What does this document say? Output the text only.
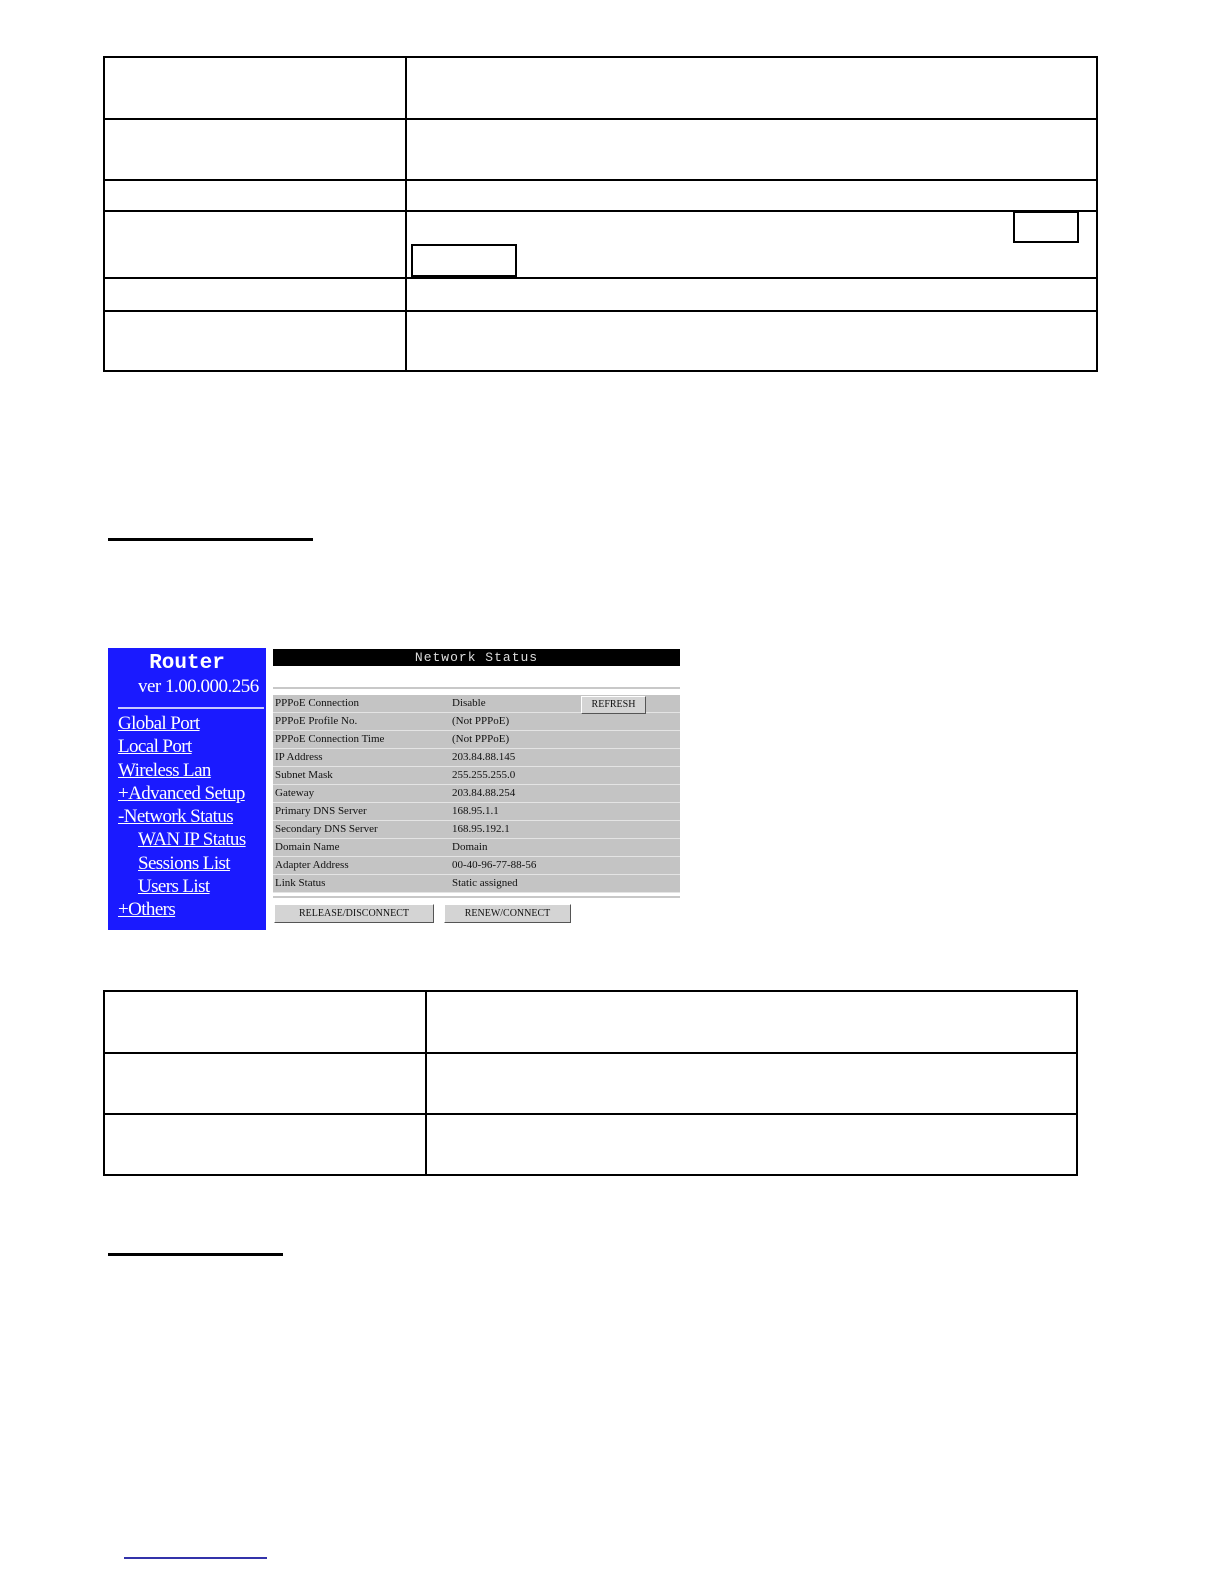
Router
ver 1.00.000.256
Global Port
Local Port
Wireless Lan
+Advanced Setup
-Network Status
WAN IP Status
Sessions List
Users List
+Others
Network Status
PPPoE Connection	Disable
PPPoE Profile No.	(Not PPPoE)
PPPoE Connection Time	(Not PPPoE)
IP Address	203.84.88.145
Subnet Mask	255.255.255.0
Gateway	203.84.88.254
Primary DNS Server	168.95.1.1
Secondary DNS Server	168.95.192.1
Domain Name	Domain
Adapter Address	00-40-96-77-88-56
Link Status	Static assigned
REFRESH
RELEASE/DISCONNECT	RENEW/CONNECT
